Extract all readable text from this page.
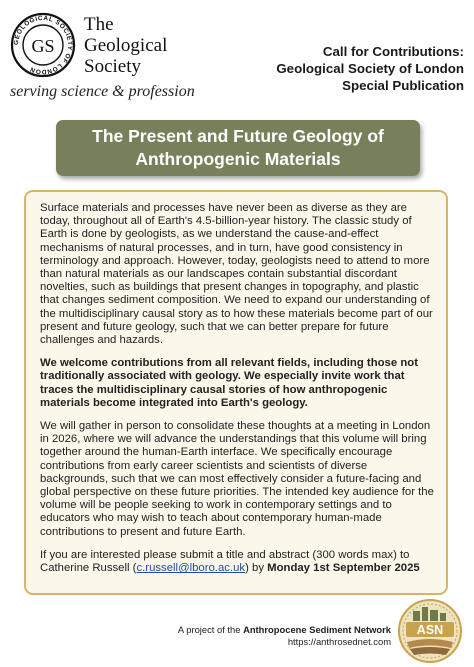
GEOLOGICAL SOCIETY OF LONDON
GS
The
Geological
Society
serving science & profession
Call for Contributions:
Geological Society of London
Special Publication
The Present and Future Geology of
Anthropogenic Materials

Surface materials and processes have never been as diverse as they are today, throughout all of Earth's 4.5-billion-year history. The classic study of Earth is done by geologists, as we understand the cause-and-effect mechanisms of natural processes, and in turn, have good consistency in terminology and approach. However, today, geologists need to attend to more than natural materials as our landscapes contain substantial discordant novelties, such as buildings that present changes in topography, and plastic that changes sediment composition. We need to expand our understanding of the multidisciplinary causal story as to how these materials become part of our present and future geology, such that we can better prepare for future challenges and hazards.

We welcome contributions from all relevant fields, including those not traditionally associated with geology. We especially invite work that traces the multidisciplinary causal stories of how anthropogenic materials become integrated into Earth's geology.

We will gather in person to consolidate these thoughts at a meeting in London in 2026, where we will advance the understandings that this volume will bring together around the human-Earth interface. We specifically encourage contributions from early career scientists and scientists of diverse backgrounds, such that we can most effectively consider a future-facing and global perspective on these future priorities. The intended key audience for the volume will be people seeking to work in contemporary settings and to educators who may wish to teach about contemporary human-made contributions to present and future Earth.

If you are interested please submit a title and abstract (300 words max) to Catherine Russell (c.russell@lboro.ac.uk) by Monday 1st September 2025

A project of the Anthropocene Sediment Network
https://anthrosednet.com
ASN
